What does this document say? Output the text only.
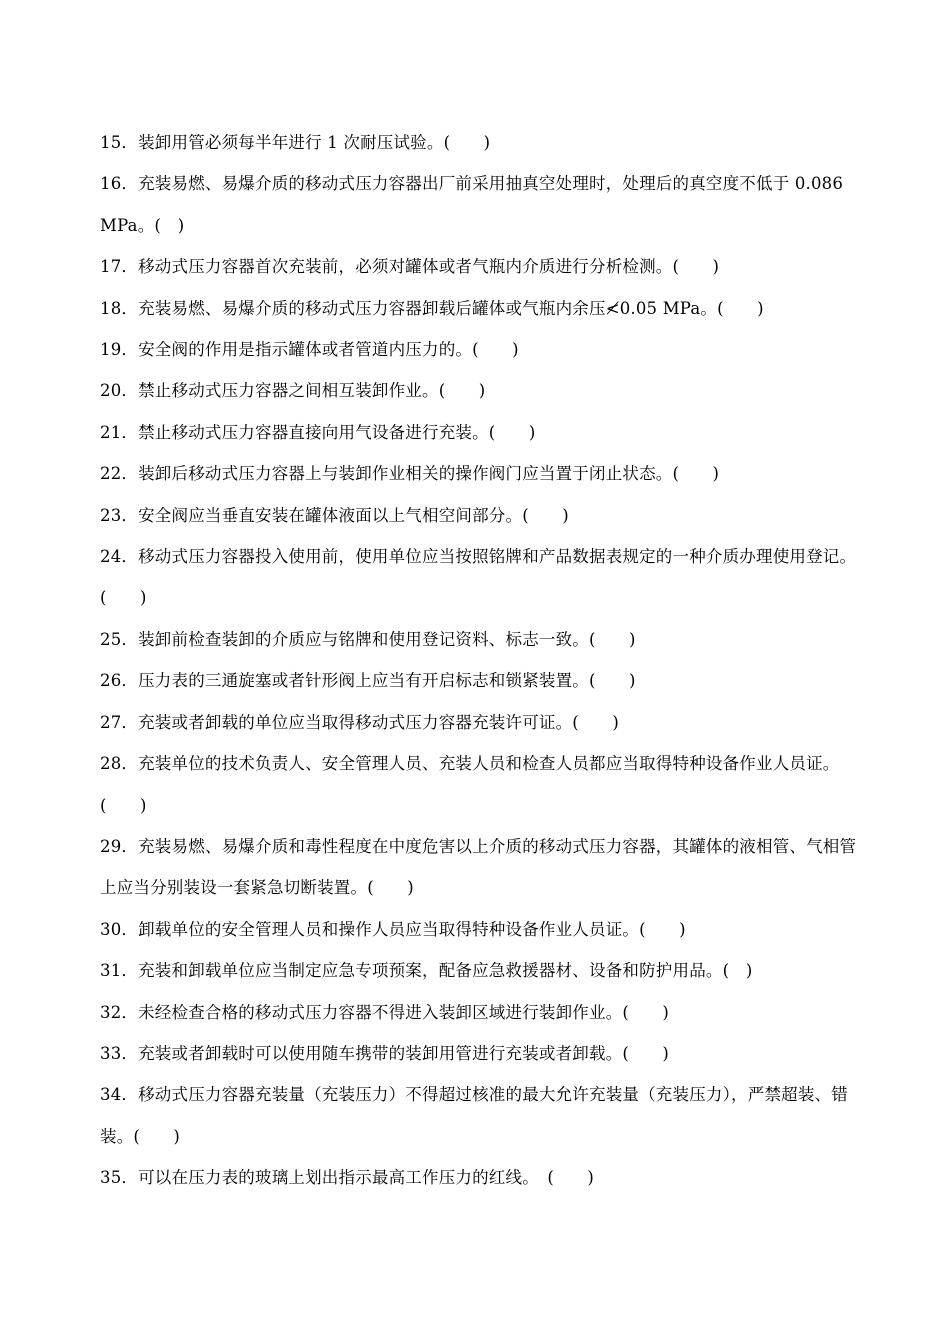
15．装卸用管必须每半年进行 1 次耐压试验。(　　)

16．充装易燃、易爆介质的移动式压力容器出厂前采用抽真空处理时，处理后的真空度不低于 0.086 MPa。(　)

17．移动式压力容器首次充装前，必须对罐体或者气瓶内介质进行分析检测。(　　)

18．充装易燃、易爆介质的移动式压力容器卸载后罐体或气瓶内余压≮0.05 MPa。(　　)

19．安全阀的作用是指示罐体或者管道内压力的。(　　)

20．禁止移动式压力容器之间相互装卸作业。(　　)

21．禁止移动式压力容器直接向用气设备进行充装。(　　)

22．装卸后移动式压力容器上与装卸作业相关的操作阀门应当置于闭止状态。(　　)

23．安全阀应当垂直安装在罐体液面以上气相空间部分。(　　)

24．移动式压力容器投入使用前，使用单位应当按照铭牌和产品数据表规定的一种介质办理使用登记。(　　)

25．装卸前检查装卸的介质应与铭牌和使用登记资料、标志一致。(　　)

26．压力表的三通旋塞或者针形阀上应当有开启标志和锁紧装置。(　　)

27．充装或者卸载的单位应当取得移动式压力容器充装许可证。(　　)

28．充装单位的技术负责人、安全管理人员、充装人员和检查人员都应当取得特种设备作业人员证。　　(　　)

29．充装易燃、易爆介质和毒性程度在中度危害以上介质的移动式压力容器，其罐体的液相管、气相管上应当分别装设一套紧急切断装置。(　　)

30．卸载单位的安全管理人员和操作人员应当取得特种设备作业人员证。(　　)

31．充装和卸载单位应当制定应急专项预案，配备应急救援器材、设备和防护用品。(　)

32．未经检查合格的移动式压力容器不得进入装卸区域进行装卸作业。(　　)

33．充装或者卸载时可以使用随车携带的装卸用管进行充装或者卸载。(　　)

34．移动式压力容器充装量（充装压力）不得超过核准的最大允许充装量（充装压力），严禁超装、错装。(　　)

35．可以在压力表的玻璃上划出指示最高工作压力的红线。　(　　)
